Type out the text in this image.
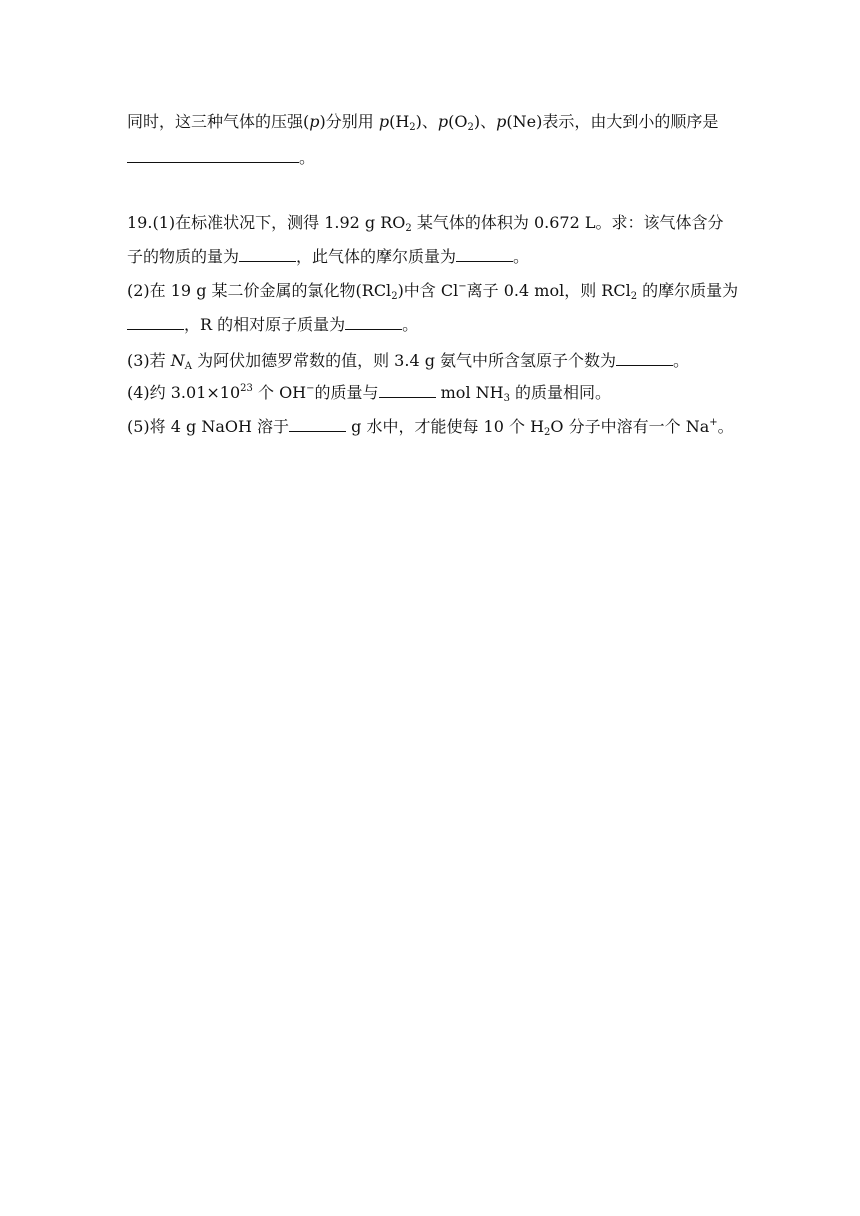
同时，这三种气体的压强(p)分别用 $p(H_2)$、$p(O_2)$、p(Ne)表示，由大到小的顺序是
。
19.(1)在标准状况下，测得 1.92 g $RO_2$ 某气体的体积为 0.672 L。求：该气体含分
子的物质的量为	，此气体的摩尔质量为	。
(2)在 19 g 某二价金属的氯化物(RCl$_2$)中含 Cl−离子 0.4 mol，则 RCl$_2$ 的摩尔质量为
，R 的相对原子质量为	。
(3)若 $N_A$ 为阿伏加德罗常数的值，则 3.4 g 氨气中所含氢原子个数为	。
(4)约 $3.01\times 10^{23}$ 个 OH−的质量与	mol $NH_3$ 的质量相同。
(5)将 4 g NaOH 溶于	g 水中，才能使每 10 个 $H_2O$ 分子中溶有一个 Na+。
